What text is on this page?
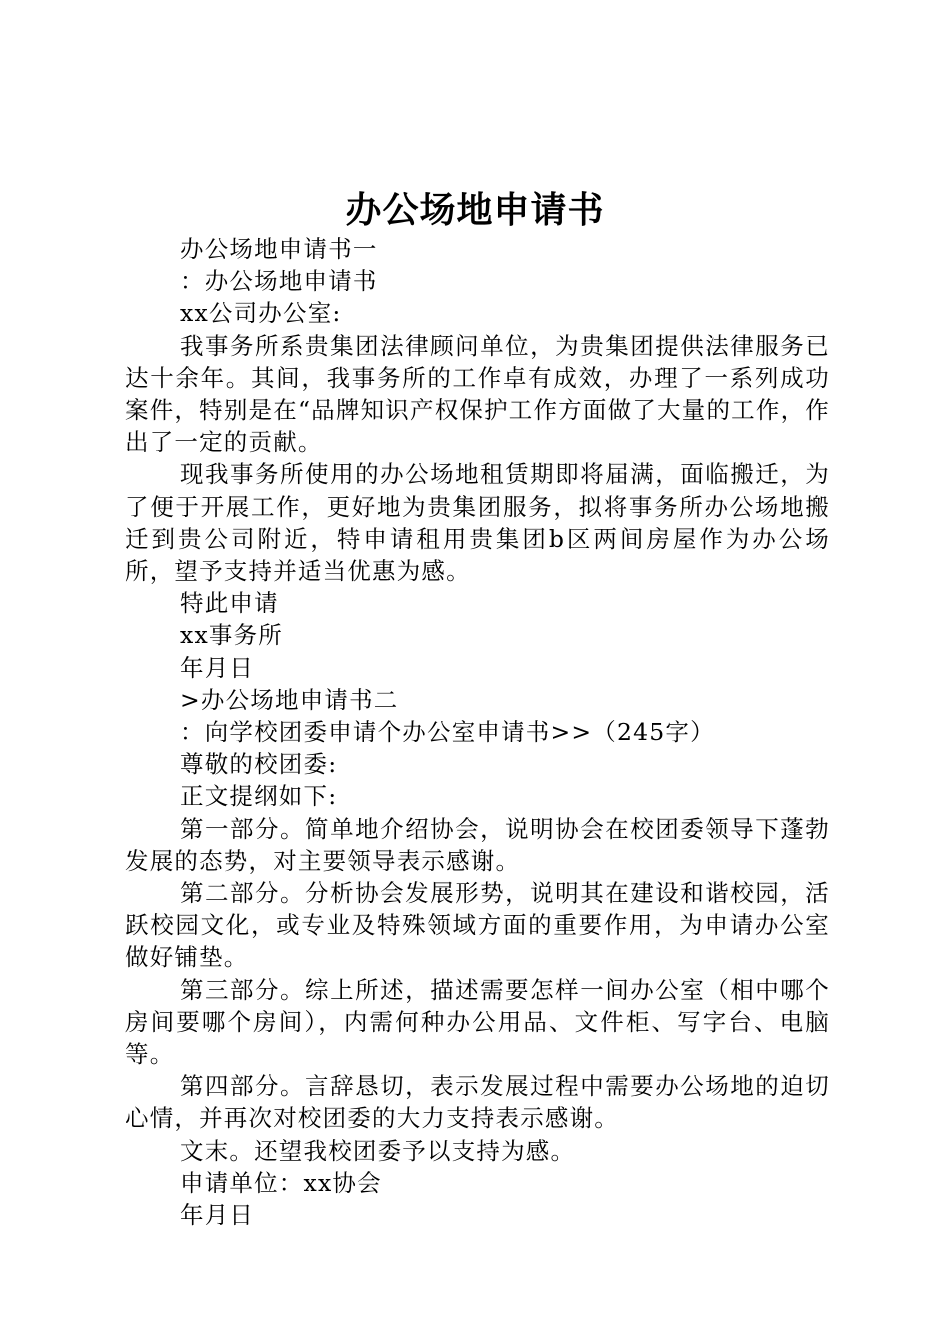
办公场地申请书

办公场地申请书一

：办公场地申请书

xx公司办公室:

我事务所系贵集团法律顾问单位，为贵集团提供法律服务已达十余年。其间，我事务所的工作卓有成效，办理了一系列成功案件，特别是在“品牌知识产权保护工作方面做了大量的工作，作出了一定的贡献。

现我事务所使用的办公场地租赁期即将届满，面临搬迁，为了便于开展工作，更好地为贵集团服务，拟将事务所办公场地搬迁到贵公司附近，特申请租用贵集团b区两间房屋作为办公场所，望予支持并适当优惠为感。

特此申请

xx事务所

年月日

>办公场地申请书二

：向学校团委申请个办公室申请书>>（245字）

尊敬的校团委:

正文提纲如下:

第一部分。简单地介绍协会，说明协会在校团委领导下蓬勃发展的态势，对主要领导表示感谢。

第二部分。分析协会发展形势，说明其在建设和谐校园，活跃校园文化，或专业及特殊领域方面的重要作用，为申请办公室做好铺垫。

第三部分。综上所述，描述需要怎样一间办公室（相中哪个房间要哪个房间），内需何种办公用品、文件柜、写字台、电脑等。

第四部分。言辞恳切，表示发展过程中需要办公场地的迫切心情，并再次对校团委的大力支持表示感谢。

文末。还望我校团委予以支持为感。

申请单位：xx协会

年月日
